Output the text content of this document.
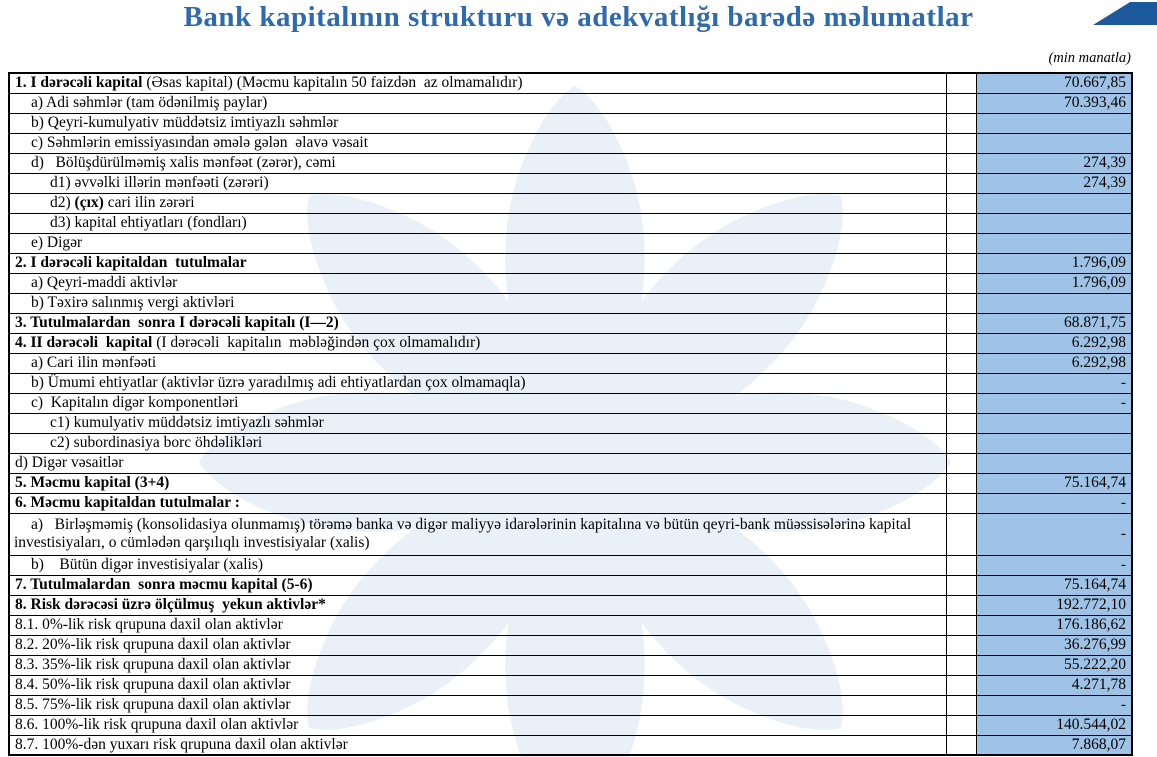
Bank kapitalının strukturu və adekvatlığı barədə məlumatlar
(min manatla)
1. I dərəcəli kapital (Əsas kapital) (Məcmu kapitalın 50 faizdən  az olmamalıdır)		70.667,85
a) Adi səhmlər (tam ödənilmiş paylar)		70.393,46
b) Qeyri-kumulyativ müddətsiz imtiyazlı səhmlər		
c) Səhmlərin emissiyasından əmələ gələn  əlavə vəsait		
d)   Bölüşdürülməmiş xalis mənfəət (zərər), cəmi		274,39
d1) əvvəlki illərin mənfəəti (zərəri)		274,39
d2) (çıx) cari ilin zərəri		
d3) kapital ehtiyatları (fondları)		
e) Digər		
2. I dərəcəli kapitaldan  tutulmalar		1.796,09
a) Qeyri-maddi aktivlər		1.796,09
b) Təxirə salınmış vergi aktivləri		
3. Tutulmalardan  sonra I dərəcəli kapitalı (I—2)		68.871,75
4. II dərəcəli  kapital (I dərəcəli  kapitalın  məbləğindən çox olmamalıdır)		6.292,98
a) Cari ilin mənfəəti		6.292,98
b) Ümumi ehtiyatlar (aktivlər üzrə yaradılmış adi ehtiyatlardan çox olmamaqla)		-
c)  Kapitalın digər komponentləri		-
c1) kumulyativ müddətsiz imtiyazlı səhmlər		
c2) subordinasiya borc öhdəlikləri		
d) Digər vəsaitlər		
5. Məcmu kapital (3+4)		75.164,74
6. Məcmu kapitaldan tutulmalar :		-
a)   Birləşməmiş (konsolidasiya olunmamış) törəmə banka və digər maliyyə idarələrinin kapitalına və bütün qeyri-bank müəssisələrinə kapital investisiyaları, o cümlədən qarşılıqlı investisiyalar (xalis)		-
b)    Bütün digər investisiyalar (xalis)		-
7. Tutulmalardan  sonra məcmu kapital (5-6)		75.164,74
8. Risk dərəcəsi üzrə ölçülmuş  yekun aktivlər*		192.772,10
8.1. 0%-lik risk qrupuna daxil olan aktivlər		176.186,62
8.2. 20%-lik risk qrupuna daxil olan aktivlər		36.276,99
8.3. 35%-lik risk qrupuna daxil olan aktivlər		55.222,20
8.4. 50%-lik risk qrupuna daxil olan aktivlər		4.271,78
8.5. 75%-lik risk qrupuna daxil olan aktivlər		-
8.6. 100%-lik risk qrupuna daxil olan aktivlər		140.544,02
8.7. 100%-dən yuxarı risk qrupuna daxil olan aktivlər		7.868,07
